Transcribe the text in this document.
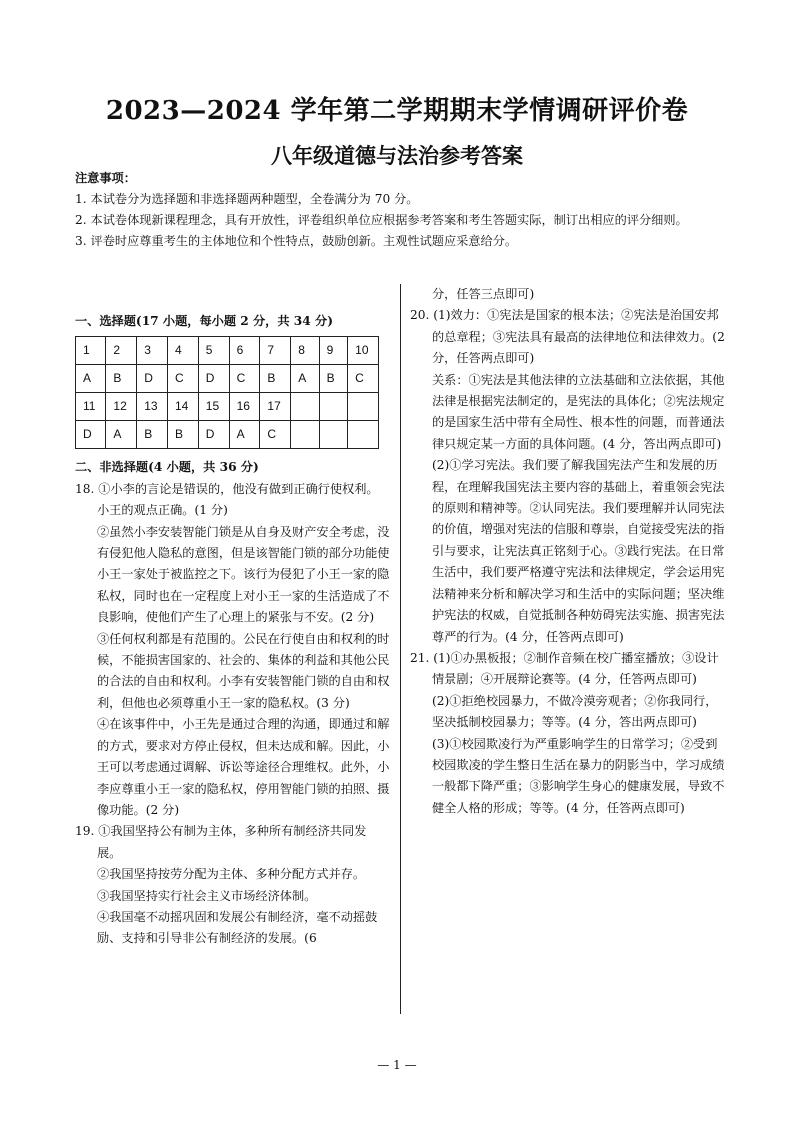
2023—2024 学年第二学期期末学情调研评价卷
八年级道德与法治参考答案
注意事项：
1. 本试卷分为选择题和非选择题两种题型，全卷满分为 70 分。
2. 本试卷体现新课程理念，具有开放性，评卷组织单位应根据参考答案和考生答题实际，制订出相应的评分细则。
3. 评卷时应尊重考生的主体地位和个性特点，鼓励创新。主观性试题应采意给分。
一、选择题(17 小题，每小题 2 分，共 34 分)
1	2	3	4	5	6	7	8	9	10
A	B	D	C	D	C	B	A	B	C
11	12	13	14	15	16	17			
D	A	B	B	D	A	C			
二、非选择题(4 小题，共 36 分)
18. ①小李的言论是错误的，他没有做到正确行使权利。小王的观点正确。(1 分)
②虽然小李安装智能门锁是从自身及财产安全考虑，没有侵犯他人隐私的意图，但是该智能门锁的部分功能使小王一家处于被监控之下。该行为侵犯了小王一家的隐私权，同时也在一定程度上对小王一家的生活造成了不良影响，使他们产生了心理上的紧张与不安。(2 分)
③任何权利都是有范围的。公民在行使自由和权利的时候，不能损害国家的、社会的、集体的利益和其他公民的合法的自由和权利。小李有安装智能门锁的自由和权利，但他也必须尊重小王一家的隐私权。(3 分)
④在该事件中，小王先是通过合理的沟通，即通过和解的方式，要求对方停止侵权，但未达成和解。因此，小王可以考虑通过调解、诉讼等途径合理维权。此外，小李应尊重小王一家的隐私权，停用智能门锁的拍照、摄像功能。(2 分)
19. ①我国坚持公有制为主体，多种所有制经济共同发展。
②我国坚持按劳分配为主体、多种分配方式并存。
③我国坚持实行社会主义市场经济体制。
④我国毫不动摇巩固和发展公有制经济，毫不动摇鼓励、支持和引导非公有制经济的发展。(6
分，任答三点即可)
20. (1)效力：①宪法是国家的根本法；②宪法是治国安邦的总章程；③宪法具有最高的法律地位和法律效力。(2 分，任答两点即可)
关系：①宪法是其他法律的立法基础和立法依据，其他法律是根据宪法制定的，是宪法的具体化；②宪法规定的是国家生活中带有全局性、根本性的问题，而普通法律只规定某一方面的具体问题。(4 分，答出两点即可)
(2)①学习宪法。我们要了解我国宪法产生和发展的历程，在理解我国宪法主要内容的基础上，着重领会宪法的原则和精神等。②认同宪法。我们要理解并认同宪法的价值，增强对宪法的信服和尊崇，自觉接受宪法的指引与要求，让宪法真正铭刻于心。③践行宪法。在日常生活中，我们要严格遵守宪法和法律规定，学会运用宪法精神来分析和解决学习和生活中的实际问题；坚决维护宪法的权威，自觉抵制各种妨碍宪法实施、损害宪法尊严的行为。(4 分，任答两点即可)
21. (1)①办黑板报；②制作音频在校广播室播放；③设计情景剧；④开展辩论赛等。(4 分，任答两点即可)
(2)①拒绝校园暴力，不做冷漠旁观者；②你我同行，坚决抵制校园暴力；等等。(4 分，答出两点即可)
(3)①校园欺凌行为严重影响学生的日常学习；②受到校园欺凌的学生整日生活在暴力的阴影当中，学习成绩一般都下降严重；③影响学生身心的健康发展，导致不健全人格的形成；等等。(4 分，任答两点即可)
— 1 —
